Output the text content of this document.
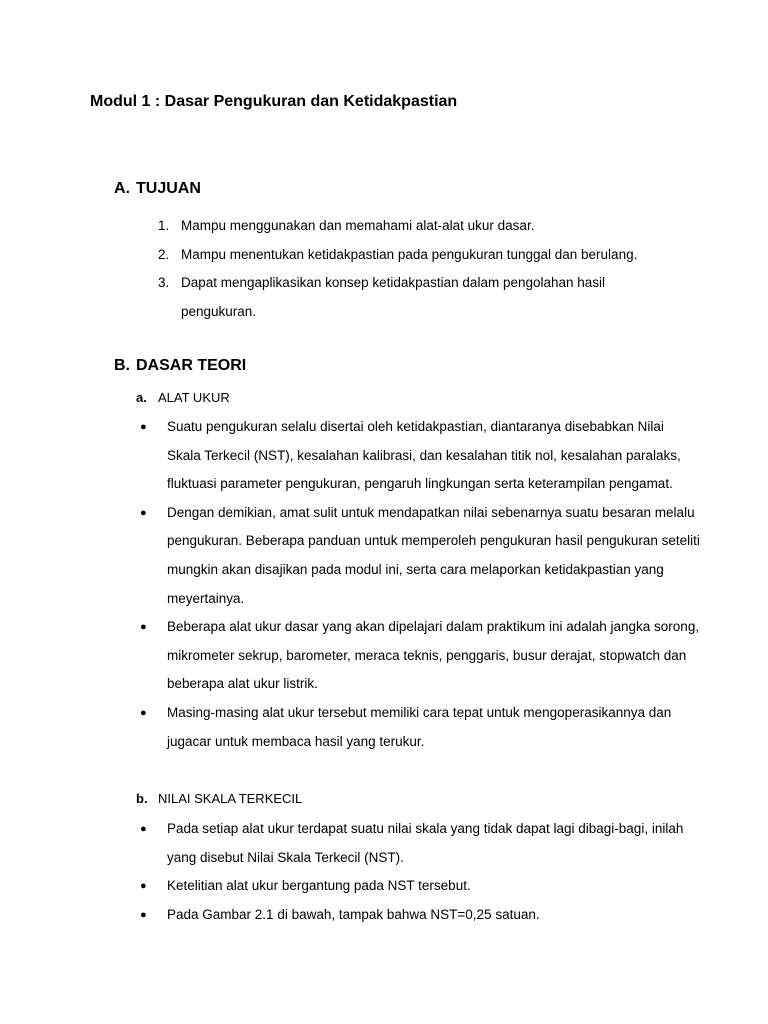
Modul 1 : Dasar Pengukuran dan Ketidakpastian
A. TUJUAN
1. Mampu menggunakan dan memahami alat-alat ukur dasar.
2. Mampu menentukan ketidakpastian pada pengukuran tunggal dan berulang.
3. Dapat mengaplikasikan konsep ketidakpastian dalam pengolahan hasil pengukuran.
B. DASAR TEORI
a. ALAT UKUR
●	Suatu pengukuran selalu disertai oleh ketidakpastian, diantaranya disebabkan Nilai Skala Terkecil (NST), kesalahan kalibrasi, dan kesalahan titik nol, kesalahan paralaks, fluktuasi parameter pengukuran, pengaruh lingkungan serta keterampilan pengamat.
●	Dengan demikian, amat sulit untuk mendapatkan nilai sebenarnya suatu besaran melalu pengukuran. Beberapa panduan untuk memperoleh pengukuran hasil pengukuran seteliti mungkin akan disajikan pada modul ini, serta cara melaporkan ketidakpastian yang meyertainya.
●	Beberapa alat ukur dasar yang akan dipelajari dalam praktikum ini adalah jangka sorong, mikrometer sekrup, barometer, meraca teknis, penggaris, busur derajat, stopwatch dan beberapa alat ukur listrik.
●	Masing-masing alat ukur tersebut memiliki cara tepat untuk mengoperasikannya dan jugacar untuk membaca hasil yang terukur.
b. NILAI SKALA TERKECIL
●	Pada setiap alat ukur terdapat suatu nilai skala yang tidak dapat lagi dibagi-bagi, inilah yang disebut Nilai Skala Terkecil (NST).
●	Ketelitian alat ukur bergantung pada NST tersebut.
●	Pada Gambar 2.1 di bawah, tampak bahwa NST=0,25 satuan.
